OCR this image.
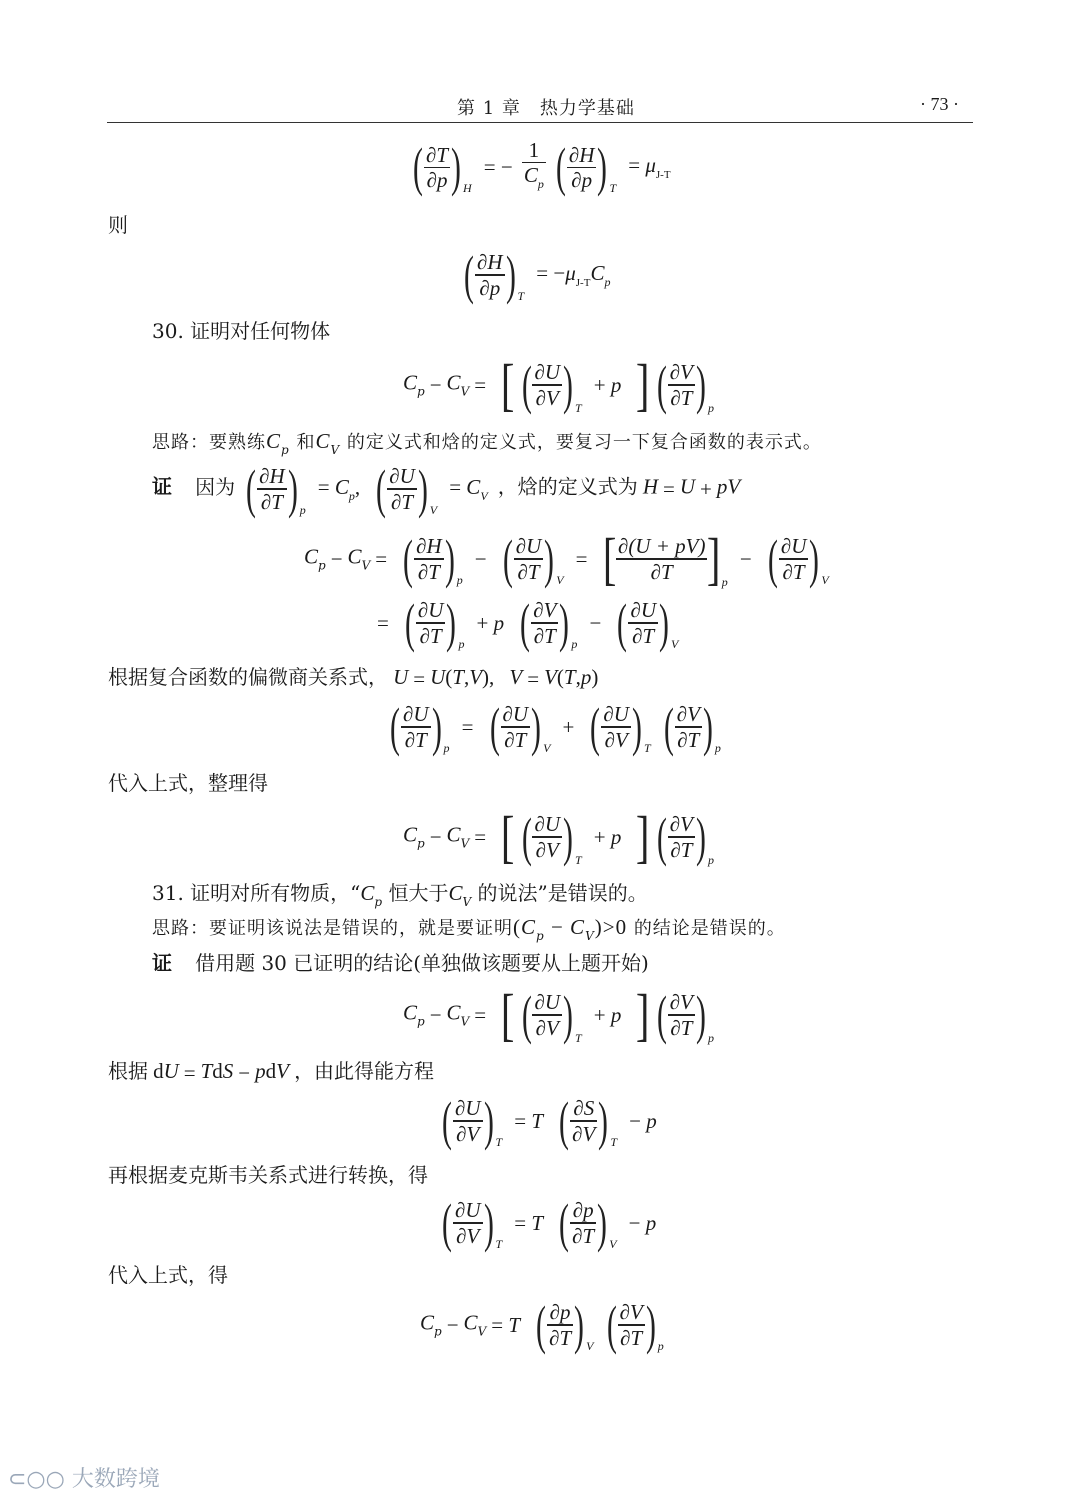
第 1 章　热力学基础	· 73 ·
( ∂T
∂p ) H
= −
1
$C_p$
( ∂H
∂p ) T
= $\mu_{J-T}$
则
( ∂H
∂p ) T
= $-\mu_{J-T}C_p$
30. 证明对任何物体
$C_p - C_V$ = [ ( ∂U
∂V ) T
+ p ] ( ∂V
∂T ) p
思路：要熟练$C_p$ 和$C_V$ 的定义式和焓的定义式，要复习一下复合函数的表示式。
证 因为 ( ∂H
∂T ) p
= $C_p$, ( ∂U
∂T ) V
= $C_V$ ，焓的定义式为 H = U + pV
$C_p - C_V$ = ( ∂H
∂T ) p
− ( ∂U
∂T ) V
= [ ∂(U + pV)
∂T ] p
− ( ∂U
∂T ) V
= ( ∂U
∂T ) p
+ p ( ∂V
∂T ) p
− ( ∂U
∂T ) V
根据复合函数的偏微商关系式， U = U(T,V), V = V(T,p)
( ∂U
∂T ) p
= ( ∂U
∂T ) V
+ ( ∂U
∂V ) T
( ∂V
∂T ) p
代入上式，整理得
$C_p - C_V$ = [ ( ∂U
∂V ) T
+ p ] ( ∂V
∂T ) p
31. 证明对所有物质，“$C_p$ 恒大于$C_V$ 的说法”是错误的。
思路：要证明该说法是错误的，就是要证明$(C_p - C_V)>0$ 的结论是错误的。
证 借用题 30 已证明的结论(单独做该题要从上题开始)
$C_p - C_V$ = [ ( ∂U
∂V ) T
+ p ] ( ∂V
∂T ) p
根据 dU = TdS − pdV ，由此得能方程
( ∂U
∂V ) T
= T ( ∂S
∂V ) T
− p
再根据麦克斯韦关系式进行转换，得
( ∂U
∂V ) T
= T ( ∂p
∂T ) V
− p
代入上式，得
$C_p - C_V = T$ ( ∂p
∂T ) V
( ∂V
∂T ) p
⊂○○ 大数跨境
